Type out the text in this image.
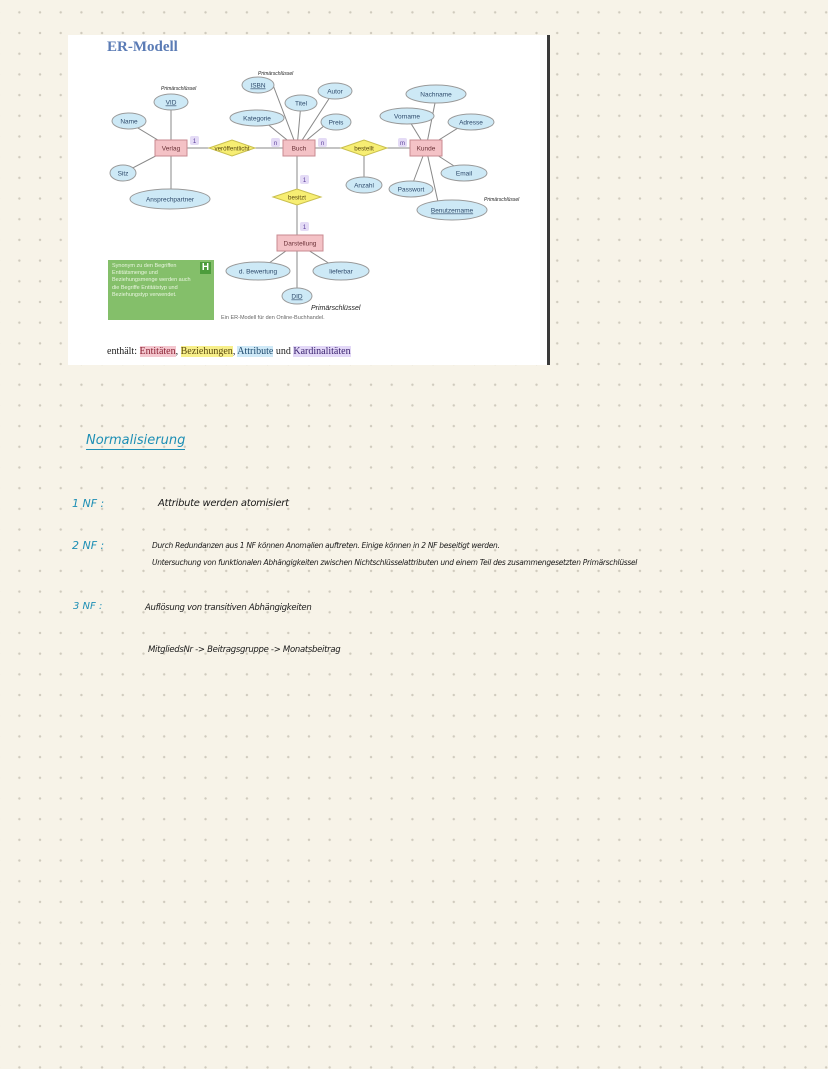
ER-Modell
VID
Name
Sitz
Ansprechpartner
ISBN
Titel
Autor
Kategorie
Preis
Nachname
Vorname
Adresse
Email
Passwort
Benutzername
Anzahl
d. Bewertung	lieferbar
DID
Verlag	Buch	Kunde
Darstellung
veröffentlicht	bestellt
besitzt
1	n	n	m
1
1
Primärschlüssel
Primärschlüssel
Primärschlüssel
Primärschlüssel
H
Synonym zu den Begriffen Entitätsmenge und Beziehungsmenge werden auch die Begriffe Entitätstyp und Beziehungstyp verwendet.
Ein ER-Modell für den Online-Buchhandel.
enthält: Entitäten, Beziehungen, Attribute und Kardinalitäten
Normalisierung
1 NF :	Attribute werden atomisiert
2 NF :	Durch Redundanzen aus 1 NF können Anomalien auftreten. Einige können in 2 NF beseitigt werden.
Untersuchung von funktionalen Abhängigkeiten zwischen Nichtschlüsselattributen und einem Teil des zusammengesetzten Primärschlüssel
3 NF :	Auflösung von transitiven Abhängigkeiten
MitgliedsNr -> Beitragsgruppe -> Monatsbeitrag
